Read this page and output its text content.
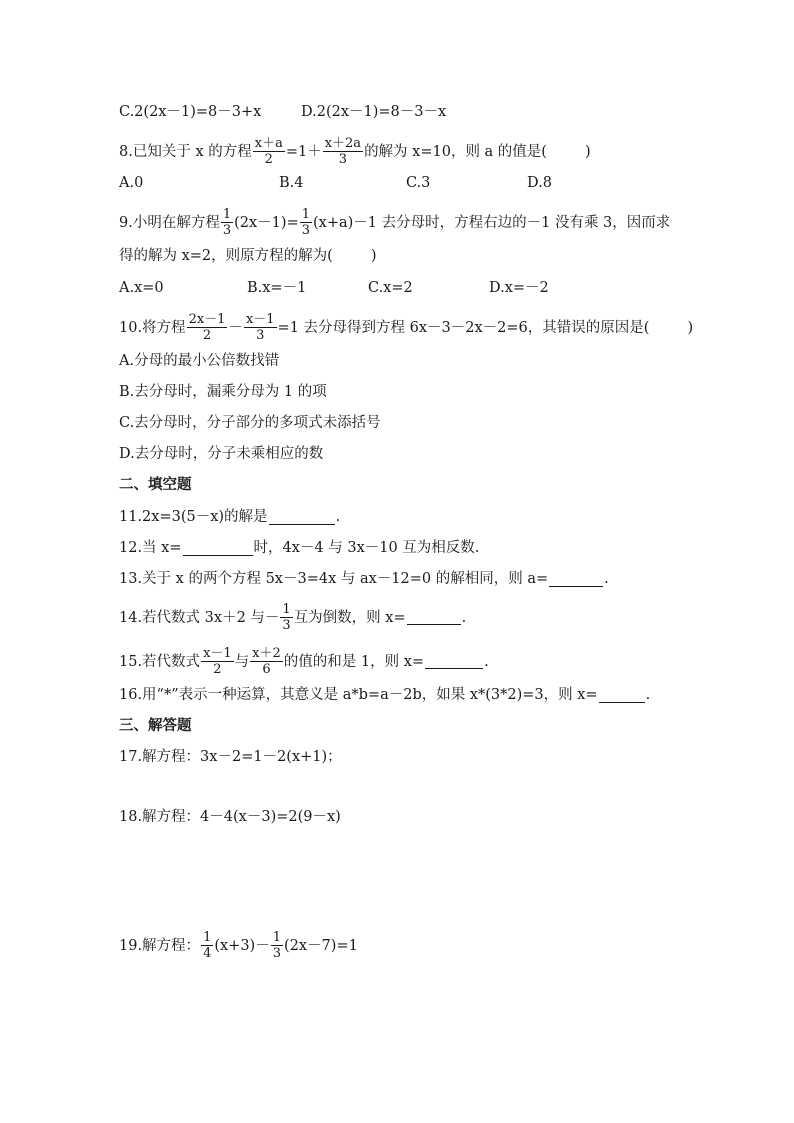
C.2(2x－1)=8－3+x	D.2(2x－1)=8－3－x
8.已知关于 x 的方程 $\frac{x+a}{2} =1+ \frac{x+2a}{3}$ 的解为 x=10，则 a 的值是(	)
A.0	B.4	C.3	D.8
9.小明在解方程 $\frac{1}{3} (2x-1)= \frac{1}{3} (x+a)-1$ 去分母时，方程右边的－1 没有乘 3，因而求
得的解为 x=2，则原方程的解为(	)
A.x=0	B.x=－1	C.x=2	D.x=－2
10.将方程 $\frac{2x-1}{2} - \frac{x-1}{3} =1$ 去分母得到方程 6x－3－2x－2=6，其错误的原因是(	)
A.分母的最小公倍数找错
B.去分母时，漏乘分母为 1 的项
C.去分母时，分子部分的多项式未添括号
D.去分母时，分子未乘相应的数
二、填空题
11.2x=3(5－x)的解是	.
12.当 x=	时，4x－4 与 3x－10 互为相反数.
13.关于 x 的两个方程 5x－3=4x 与 ax－12=0 的解相同，则 a=	.
14.若代数式 3x＋2 与－ $\frac{1}{3}$ 互为倒数，则 x=	.
15.若代数式 $\frac{x-1}{2}$ 与 $\frac{x+2}{6}$ 的值的和是 1，则 x=	.
16.用“*”表示一种运算，其意义是 a*b=a－2b，如果 x*(3*2)=3，则 x=	.
三、解答题
17.解方程：3x－2=1－2(x+1)；
18.解方程：4－4(x－3)=2(9－x)
19.解方程： $\frac{1}{4} (x+3)- \frac{1}{3} (2x-7)=1$
